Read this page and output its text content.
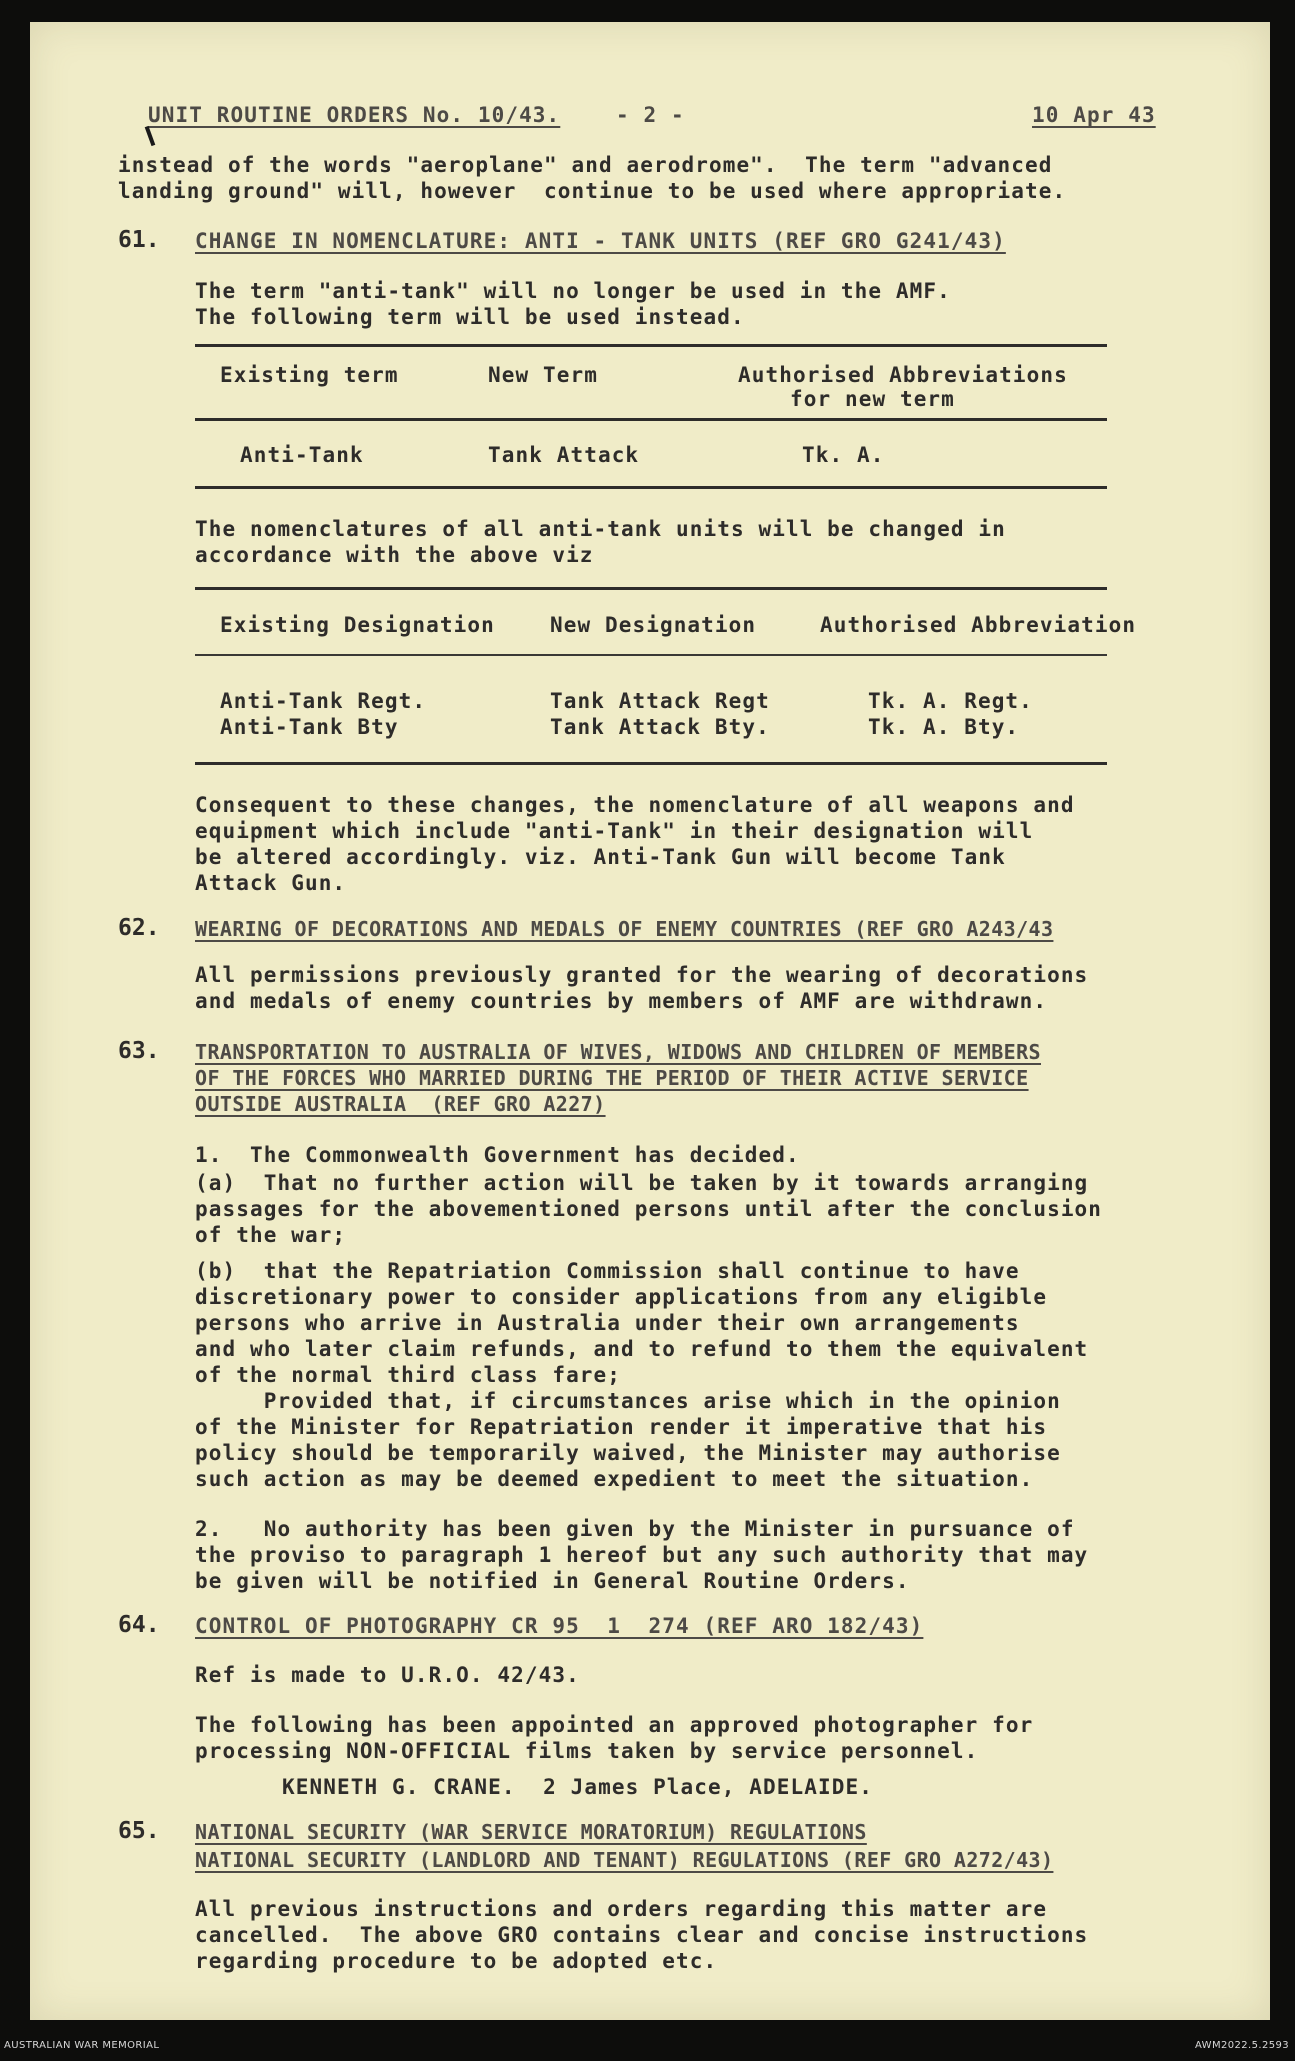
UNIT ROUTINE ORDERS No. 10/43.	- 2 -	10 Apr 43
instead of the words "aeroplane" and aerodrome".  The term "advanced
landing ground" will, however  continue to be used where appropriate.
61. CHANGE IN NOMENCLATURE: ANTI - TANK UNITS (REF GRO G241/43)
The term "anti-tank" will no longer be used in the AMF.
The following term will be used instead.
Existing term	New Term	Authorised Abbreviations
for new term
Anti-Tank	Tank Attack	Tk. A.
The nomenclatures of all anti-tank units will be changed in
accordance with the above viz
Existing Designation	New Designation	Authorised Abbreviation
Anti-Tank Regt.	Tank Attack Regt	Tk. A. Regt.
Anti-Tank Bty	Tank Attack Bty.	Tk. A. Bty.
Consequent to these changes, the nomenclature of all weapons and
equipment which include "anti-Tank" in their designation will
be altered accordingly. viz. Anti-Tank Gun will become Tank
Attack Gun.
62. WEARING OF DECORATIONS AND MEDALS OF ENEMY COUNTRIES (REF GRO A243/43
All permissions previously granted for the wearing of decorations
and medals of enemy countries by members of AMF are withdrawn.
63. TRANSPORTATION TO AUSTRALIA OF WIVES, WIDOWS AND CHILDREN OF MEMBERS
OF THE FORCES WHO MARRIED DURING THE PERIOD OF THEIR ACTIVE SERVICE
OUTSIDE AUSTRALIA  (REF GRO A227)
1.  The Commonwealth Government has decided.
(a)  That no further action will be taken by it towards arranging
passages for the abovementioned persons until after the conclusion
of the war;
(b)  that the Repatriation Commission shall continue to have
discretionary power to consider applications from any eligible
persons who arrive in Australia under their own arrangements
and who later claim refunds, and to refund to them the equivalent
of the normal third class fare;
Provided that, if circumstances arise which in the opinion
of the Minister for Repatriation render it imperative that his
policy should be temporarily waived, the Minister may authorise
such action as may be deemed expedient to meet the situation.
2.   No authority has been given by the Minister in pursuance of
the proviso to paragraph 1 hereof but any such authority that may
be given will be notified in General Routine Orders.
64. CONTROL OF PHOTOGRAPHY CR 95  1  274 (REF ARO 182/43)
Ref is made to U.R.O. 42/43.
The following has been appointed an approved photographer for
processing NON-OFFICIAL films taken by service personnel.
KENNETH G. CRANE.  2 James Place, ADELAIDE.
65. NATIONAL SECURITY (WAR SERVICE MORATORIUM) REGULATIONS
NATIONAL SECURITY (LANDLORD AND TENANT) REGULATIONS (REF GRO A272/43)
All previous instructions and orders regarding this matter are
cancelled.  The above GRO contains clear and concise instructions
regarding procedure to be adopted etc.
AUSTRALIAN WAR MEMORIAL	AWM2022.5.2593
